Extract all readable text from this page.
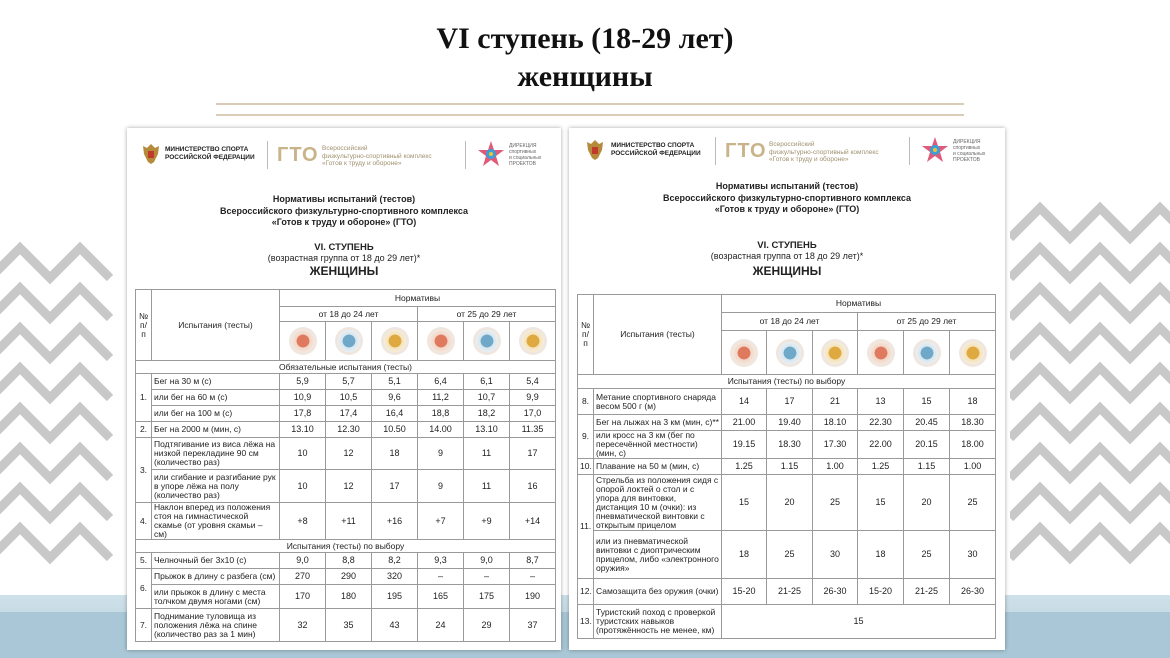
VI ступень (18-29 лет)
женщины
МИНИСТЕРСТВО СПОРТА
РОССИЙСКОЙ ФЕДЕРАЦИИ ГТО Всероссийский
физкультурно-спортивный комплекс
«Готов к труду и обороне»
ДИРЕКЦИЯ
спортивных
и социальных
ПРОЕКТОВ
Нормативы испытаний (тестов)
Всероссийского физкультурно-спортивного комплекса
«Готов к труду и обороне» (ГТО)
VI. СТУПЕНЬ
(возрастная группа от 18 до 29 лет)*
ЖЕНЩИНЫ
№ п/п	Испытания (тесты)	Нормативы					
		от 18 до 24 лет			от 25 до 29 лет		

Обязательные испытания (тесты)							
1.	Бег на 30 м (с)	5,9	5,7	5,1	6,4	6,1	5,4
	или бег на 60 м (с)	10,9	10,5	9,6	11,2	10,7	9,9
	или бег на 100 м (с)	17,8	17,4	16,4	18,8	18,2	17,0
2.	Бег на 2000 м (мин, с)	13.10	12.30	10.50	14.00	13.10	11.35
3.	Подтягивание из виса лёжа на низкой перекладине 90 см (количество раз)	10	12	18	9	11	17
	или сгибание и разгибание рук в упоре лёжа на полу (количество раз)	10	12	17	9	11	16
4.	Наклон вперед из положения стоя на гимнастической скамье (от уровня скамьи – см)	+8	+11	+16	+7	+9	+14
Испытания (тесты) по выбору							
5.	Челночный бег 3х10 (с)	9,0	8,8	8,2	9,3	9,0	8,7
6.	Прыжок в длину с разбега (см)	270	290	320	–	–	–
	или прыжок в длину с места толчком двумя ногами (см)	170	180	195	165	175	190
7.	Поднимание туловища из положения лёжа на спине (количество раз за 1 мин)	32	35	43	24	29	37
МИНИСТЕРСТВО СПОРТА
РОССИЙСКОЙ ФЕДЕРАЦИИ ГТО Всероссийский
физкультурно-спортивный комплекс
«Готов к труду и обороне»
ДИРЕКЦИЯ
спортивных
и социальных
ПРОЕКТОВ
Нормативы испытаний (тестов)
Всероссийского физкультурно-спортивного комплекса
«Готов к труду и обороне» (ГТО)
VI. СТУПЕНЬ
(возрастная группа от 18 до 29 лет)*
ЖЕНЩИНЫ
№ п/п	Испытания (тесты)	Нормативы					
		от 18 до 24 лет			от 25 до 29 лет		

Испытания (тесты) по выбору							
8.	Метание спортивного снаряда весом 500 г (м)	14	17	21	13	15	18
9.	Бег на лыжах на 3 км (мин, с)**	21.00	19.40	18.10	22.30	20.45	18.30
	или кросс на 3 км (бег по пересечённой местности) (мин, с)	19.15	18.30	17.30	22.00	20.15	18.00
10.	Плавание на 50 м (мин, с)	1.25	1.15	1.00	1.25	1.15	1.00
11.	Стрельба из положения сидя с опорой локтей о стол и с упора для винтовки, дистанция 10 м (очки): из пневматической винтовки с открытым прицелом	15	20	25	15	20	25
	или из пневматической винтовки с диоптрическим прицелом, либо «электронного оружия»	18	25	30	18	25	30
12.	Самозащита без оружия (очки)	15-20	21-25	26-30	15-20	21-25	26-30
13.	Туристский поход с проверкой туристских навыков (протяжённость не менее, км)	15					
